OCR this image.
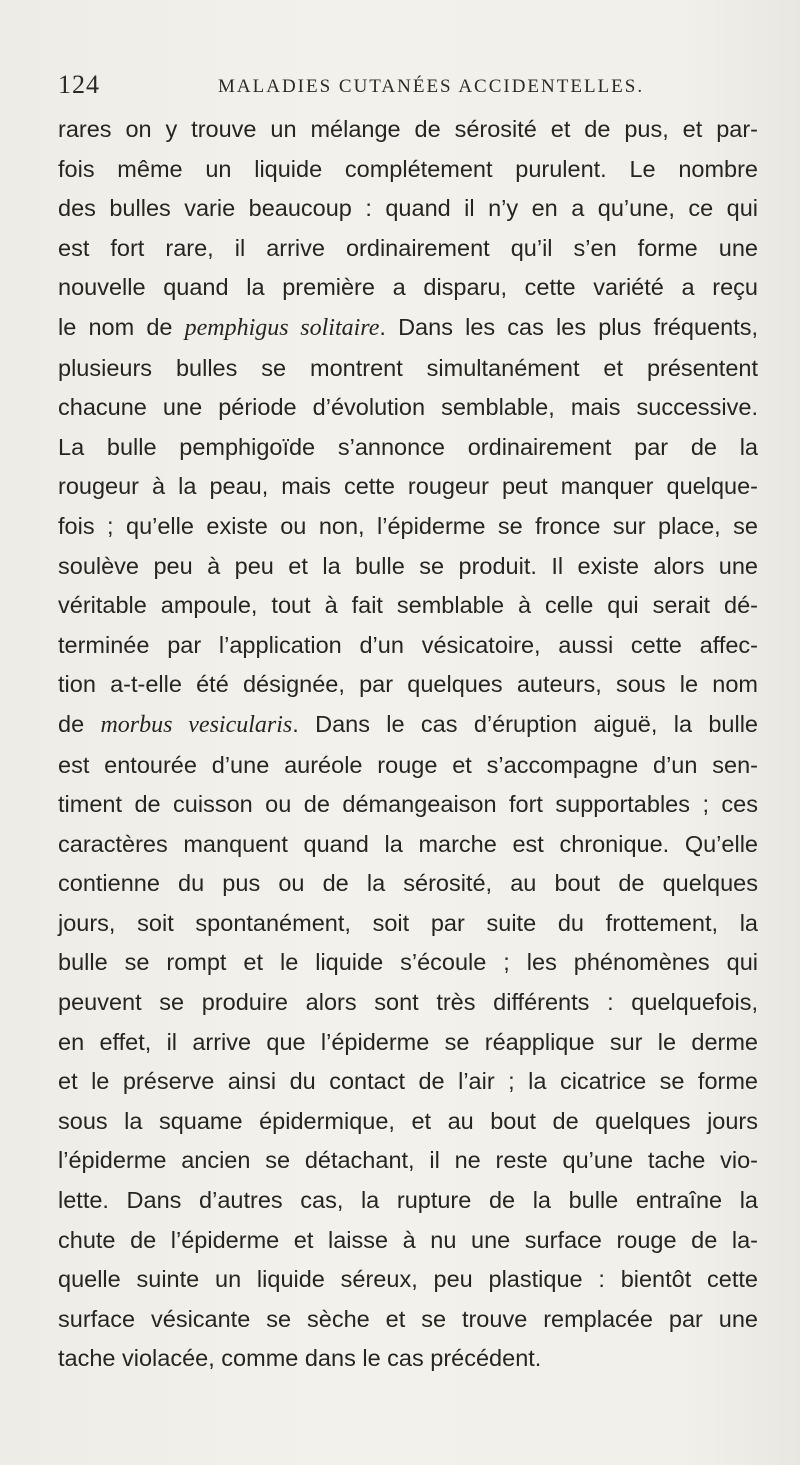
124	MALADIES CUTANÉES ACCIDENTELLES.
rares on y trouve un mélange de sérosité et de pus, et par-
fois même un liquide complétement purulent. Le nombre
des bulles varie beaucoup : quand il n’y en a qu’une, ce qui
est fort rare, il arrive ordinairement qu’il s’en forme une
nouvelle quand la première a disparu, cette variété a reçu
le nom de pemphigus solitaire. Dans les cas les plus fréquents,
plusieurs bulles se montrent simultanément et présentent
chacune une période d’évolution semblable, mais successive.
La bulle pemphigoïde s’annonce ordinairement par de la
rougeur à la peau, mais cette rougeur peut manquer quelque-
fois ; qu’elle existe ou non, l’épiderme se fronce sur place, se
soulève peu à peu et la bulle se produit. Il existe alors une
véritable ampoule, tout à fait semblable à celle qui serait dé-
terminée par l’application d’un vésicatoire, aussi cette affec-
tion a-t-elle été désignée, par quelques auteurs, sous le nom
de morbus vesicularis. Dans le cas d’éruption aiguë, la bulle
est entourée d’une auréole rouge et s’accompagne d’un sen-
timent de cuisson ou de démangeaison fort supportables ; ces
caractères manquent quand la marche est chronique. Qu’elle
contienne du pus ou de la sérosité, au bout de quelques
jours, soit spontanément, soit par suite du frottement, la
bulle se rompt et le liquide s’écoule ; les phénomènes qui
peuvent se produire alors sont très différents : quelquefois,
en effet, il arrive que l’épiderme se réapplique sur le derme
et le préserve ainsi du contact de l’air ; la cicatrice se forme
sous la squame épidermique, et au bout de quelques jours
l’épiderme ancien se détachant, il ne reste qu’une tache vio-
lette. Dans d’autres cas, la rupture de la bulle entraîne la
chute de l’épiderme et laisse à nu une surface rouge de la-
quelle suinte un liquide séreux, peu plastique : bientôt cette
surface vésicante se sèche et se trouve remplacée par une
tache violacée, comme dans le cas précédent.
